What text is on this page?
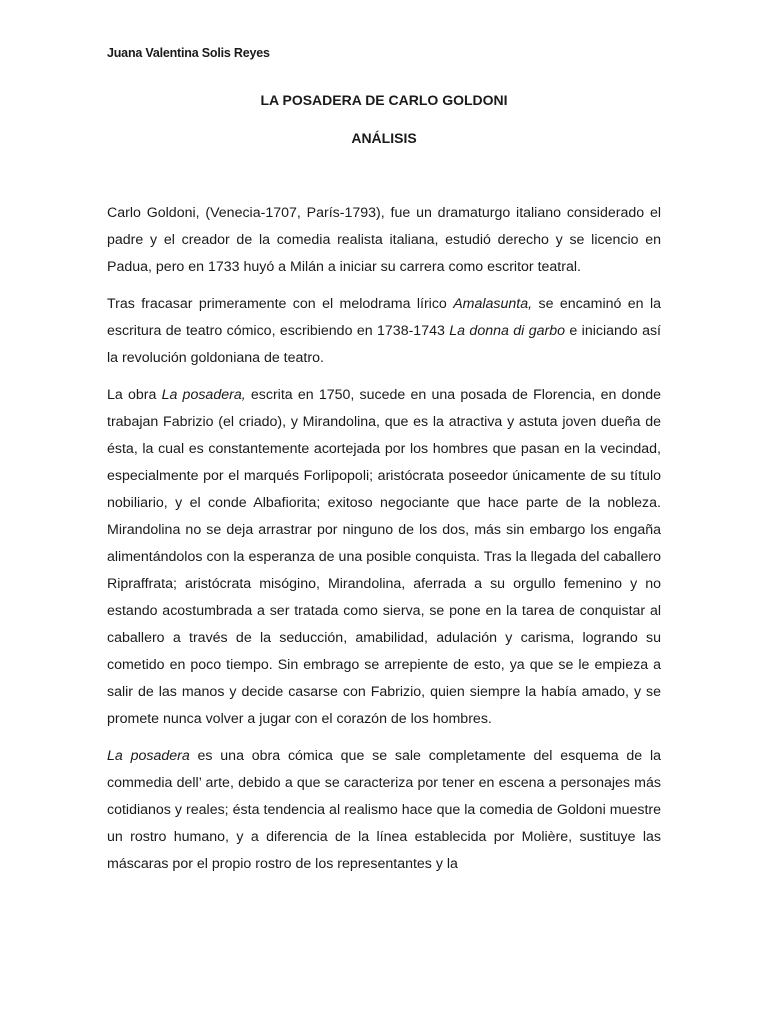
Juana Valentina Solis Reyes

LA POSADERA DE CARLO GOLDONI
ANÁLISIS

Carlo Goldoni, (Venecia-1707, París-1793), fue un dramaturgo italiano considerado el padre y el creador de la comedia realista italiana, estudió derecho y se licencio en Padua, pero en 1733 huyó a Milán a iniciar su carrera como escritor teatral.

Tras fracasar primeramente con el melodrama lírico Amalasunta, se encaminó en la escritura de teatro cómico, escribiendo en 1738-1743 La donna di garbo e iniciando así la revolución goldoniana de teatro.

La obra La posadera, escrita en 1750, sucede en una posada de Florencia, en donde trabajan Fabrizio (el criado), y Mirandolina, que es la atractiva y astuta joven dueña de ésta, la cual es constantemente acortejada por los hombres que pasan en la vecindad, especialmente por el marqués Forlipopoli; aristócrata poseedor únicamente de su título nobiliario, y el conde Albafiorita; exitoso negociante que hace parte de la nobleza. Mirandolina no se deja arrastrar por ninguno de los dos, más sin embargo los engaña alimentándolos con la esperanza de una posible conquista. Tras la llegada del caballero Ripraffrata; aristócrata misógino, Mirandolina, aferrada a su orgullo femenino y no estando acostumbrada a ser tratada como sierva, se pone en la tarea de conquistar al caballero a través de la seducción, amabilidad, adulación y carisma, logrando su cometido en poco tiempo. Sin embrago se arrepiente de esto, ya que se le empieza a salir de las manos y decide casarse con Fabrizio, quien siempre la había amado, y se promete nunca volver a jugar con el corazón de los hombres.

La posadera es una obra cómica que se sale completamente del esquema de la commedia dell’ arte, debido a que se caracteriza por tener en escena a personajes más cotidianos y reales; ésta tendencia al realismo hace que la comedia de Goldoni muestre un rostro humano, y a diferencia de la línea establecida por Molière, sustituye las máscaras por el propio rostro de los representantes y la
